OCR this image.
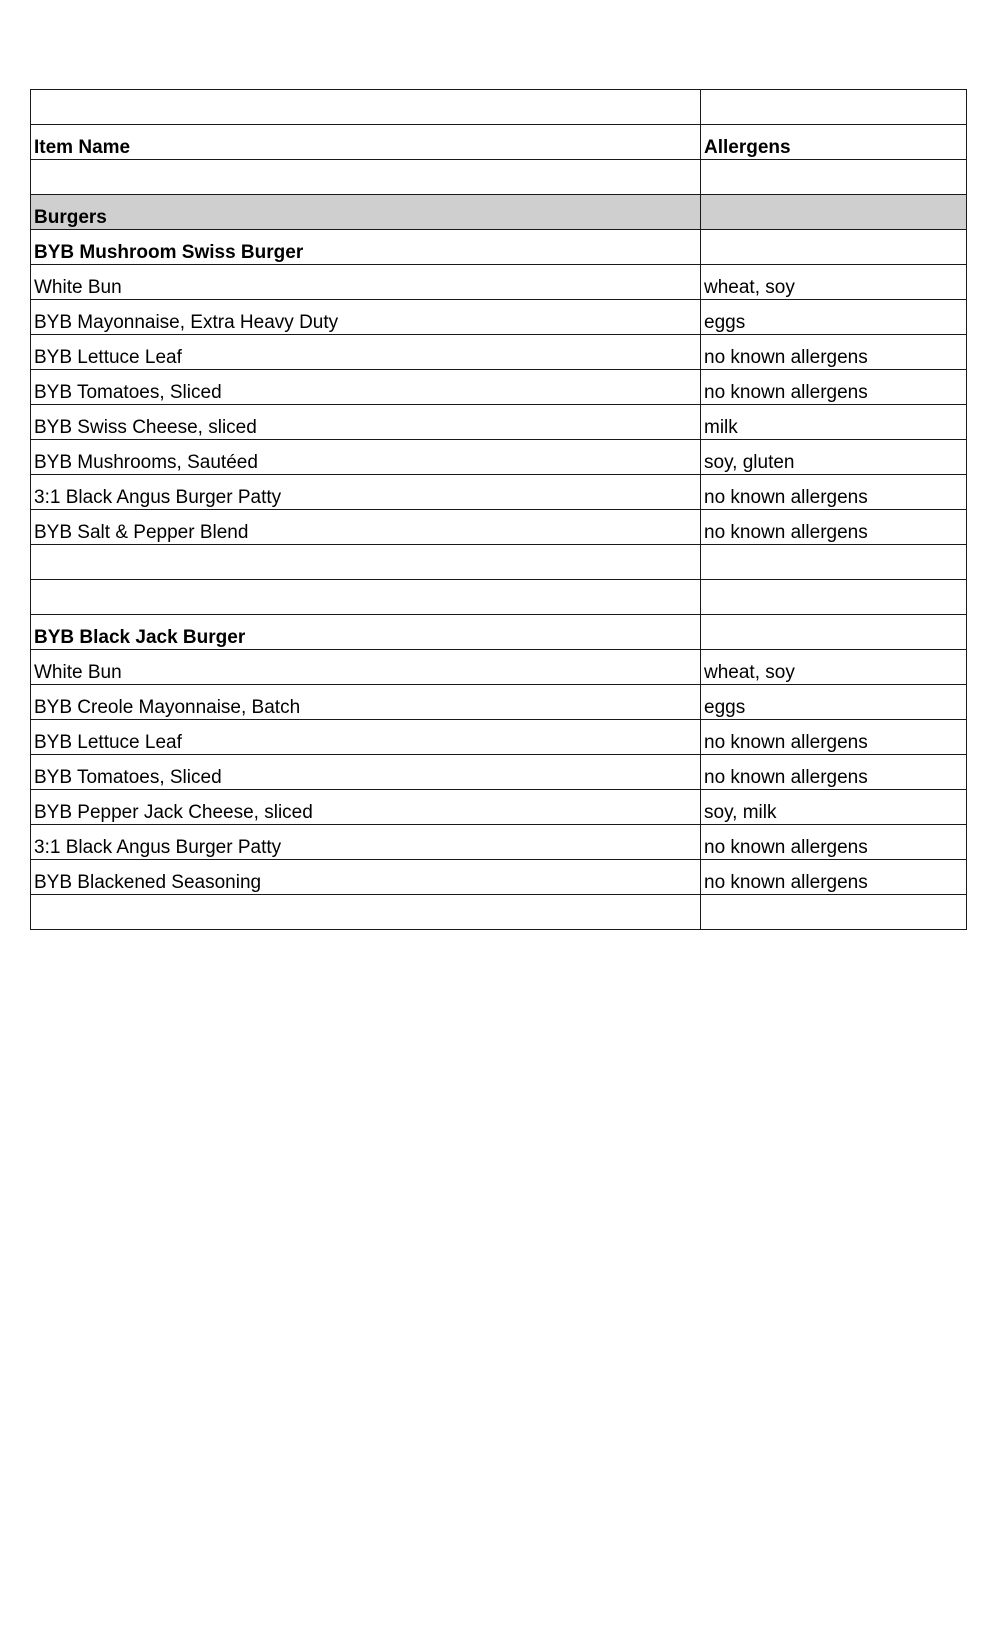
Item Name	Allergens

Burgers	
BYB Mushroom Swiss Burger	
White Bun	wheat, soy
BYB Mayonnaise, Extra Heavy Duty	eggs
BYB Lettuce Leaf	no known allergens
BYB Tomatoes, Sliced	no known allergens
BYB Swiss Cheese, sliced	milk
BYB Mushrooms, Sautéed	soy, gluten
3:1 Black Angus Burger Patty	no known allergens
BYB Salt & Pepper Blend	no known allergens

BYB Black Jack Burger	
White Bun	wheat, soy
BYB Creole Mayonnaise, Batch	eggs
BYB Lettuce Leaf	no known allergens
BYB Tomatoes, Sliced	no known allergens
BYB Pepper Jack Cheese, sliced	soy, milk
3:1 Black Angus Burger Patty	no known allergens
BYB Blackened Seasoning	no known allergens
